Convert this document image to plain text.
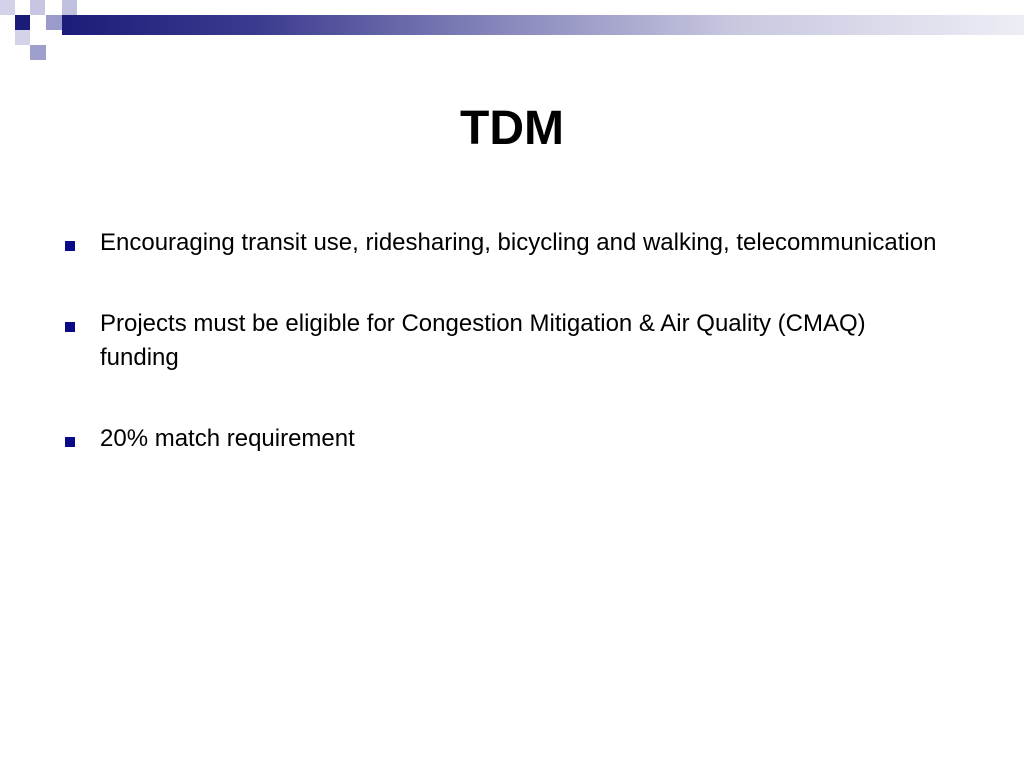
TDM
Encouraging transit use, ridesharing, bicycling and walking, telecommunication
Projects must be eligible for Congestion Mitigation & Air Quality (CMAQ) funding
20% match requirement
